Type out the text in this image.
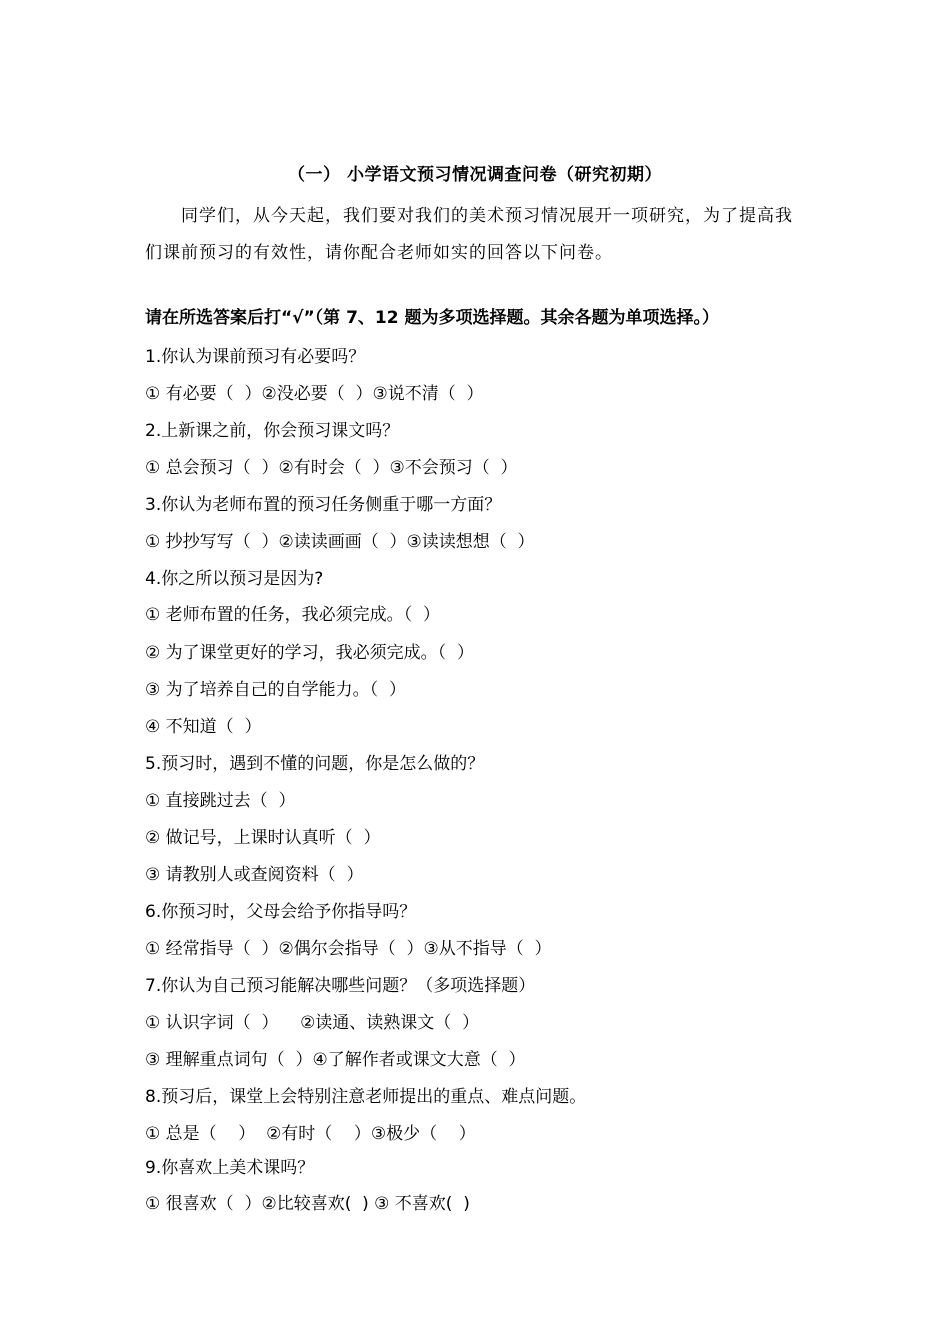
（一） 小学语文预习情况调查问卷（研究初期）
同学们，从今天起，我们要对我们的美术预习情况展开一项研究，为了提高我们课前预习的有效性，请你配合老师如实的回答以下问卷。
请在所选答案后打“√”（第 7、12 题为多项选择题。其余各题为单项选择。）
1.你认为课前预习有必要吗？
① 有必要（  ）②没必要（  ）③说不清（  ）
2.上新课之前，你会预习课文吗？
① 总会预习（  ）②有时会（  ）③不会预习（  ）
3.你认为老师布置的预习任务侧重于哪一方面？
① 抄抄写写（  ）②读读画画（  ）③读读想想（  ）
4.你之所以预习是因为?
① 老师布置的任务，我必须完成。（  ）
② 为了课堂更好的学习，我必须完成。（  ）
③ 为了培养自己的自学能力。（  ）
④ 不知道（  ）
5.预习时，遇到不懂的问题，你是怎么做的？
① 直接跳过去（  ）
② 做记号，上课时认真听（  ）
③ 请教别人或查阅资料（  ）
6.你预习时，父母会给予你指导吗？
① 经常指导（  ）②偶尔会指导（  ）③从不指导（  ）
7.你认为自己预习能解决哪些问题？（多项选择题）
① 认识字词（  ）    ②读通、读熟课文（  ）
③ 理解重点词句（  ）④了解作者或课文大意（  ）
8.预习后，课堂上会特别注意老师提出的重点、难点问题。
① 总是（    ）  ②有时（    ）③极少（    ）
9.你喜欢上美术课吗？
① 很喜欢（  ）②比较喜欢(  ) ③ 不喜欢(  )
